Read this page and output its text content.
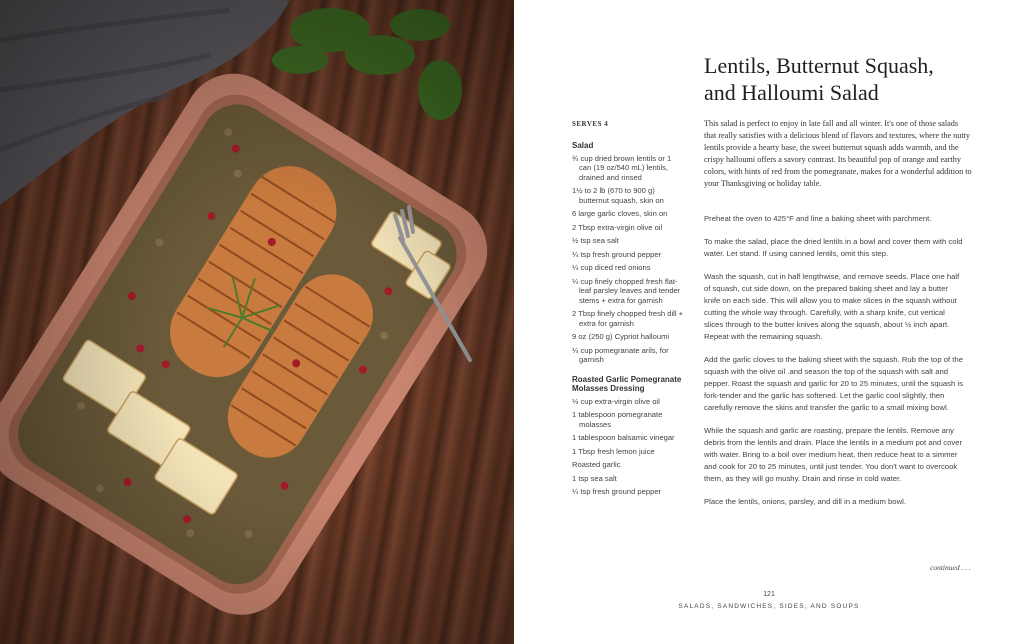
Lentils, Butternut Squash,
and Halloumi Salad
SERVES 4
Salad
¾ cup dried brown lentils or 1 can (19 oz/540 mL) lentils, drained and rinsed
1½ to 2 lb (670 to 900 g) butternut squash, skin on
6 large garlic cloves, skin on
2 Tbsp extra-virgin olive oil
½ tsp sea salt
¼ tsp fresh ground pepper
¼ cup diced red onions
¼ cup finely chopped fresh flat-leaf parsley leaves and tender stems + extra for garnish
2 Tbsp finely chopped fresh dill + extra for garnish
9 oz (250 g) Cypriot halloumi
¼ cup pomegranate arils, for garnish
Roasted Garlic Pomegranate Molasses Dressing
⅓ cup extra-virgin olive oil
1 tablespoon pomegranate molasses
1 tablespoon balsamic vinegar
1 Tbsp fresh lemon juice
Roasted garlic
1 tsp sea salt
¼ tsp fresh ground pepper

This salad is perfect to enjoy in late fall and all winter. It's one of those salads that really satisfies with a delicious blend of flavors and textures, where the nutty lentils provide a hearty base, the sweet butternut squash adds warmth, and the crispy halloumi offers a savory contrast. Its beautiful pop of orange and earthy colors, with hints of red from the pomegranate, makes for a wonderful addition to your Thanksgiving or holiday table.

Preheat the oven to 425°F and line a baking sheet with parchment.

To make the salad, place the dried lentils in a bowl and cover them with cold water. Let stand. If using canned lentils, omit this step.

Wash the squash, cut in half lengthwise, and remove seeds. Place one half of squash, cut side down, on the prepared baking sheet and lay a butter knife on each side. This will allow you to make slices in the squash without cutting the whole way through. Carefully, with a sharp knife, cut vertical slices through to the butter knives along the squash, about ½ inch apart. Repeat with the remaining squash.

Add the garlic cloves to the baking sheet with the squash. Rub the top of the squash with the olive oil .and season the top of the squash with salt and pepper. Roast the squash and garlic for 20 to 25 minutes, until the squash is fork-tender and the garlic has softened. Let the garlic cool slightly, then carefully remove the skins and transfer the garlic to a small mixing bowl.

While the squash and garlic are roasting, prepare the lentils. Remove any debris from the lentils and drain. Place the lentils in a medium pot and cover with water. Bring to a boil over medium heat, then reduce heat to a simmer and cook for 20 to 25 minutes, until just tender. You don't want to overcook them, as they will go mushy. Drain and rinse in cold water.

Place the lentils, onions, parsley, and dill in a medium bowl.

continued . . .
121
SALADS, SANDWICHES, SIDES, AND SOUPS
